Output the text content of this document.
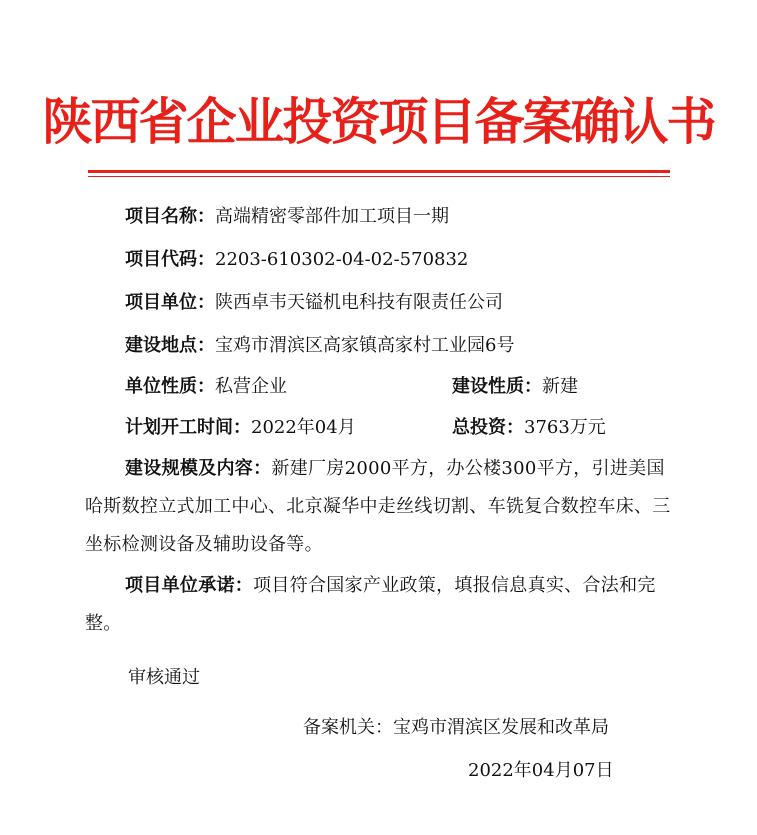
陕西省企业投资项目备案确认书
项目名称：高端精密零部件加工项目一期
项目代码：2203-610302-04-02-570832
项目单位：陕西卓韦天镒机电科技有限责任公司
建设地点：宝鸡市渭滨区高家镇高家村工业园6号
单位性质：私营企业	建设性质：新建
计划开工时间：2022年04月	总投资：3763万元
建设规模及内容：新建厂房2000平方，办公楼300平方，引进美国哈斯数控立式加工中心、北京凝华中走丝线切割、车铣复合数控车床、三坐标检测设备及辅助设备等。
项目单位承诺：项目符合国家产业政策，填报信息真实、合法和完整。
审核通过
备案机关：宝鸡市渭滨区发展和改革局
2022年04月07日
